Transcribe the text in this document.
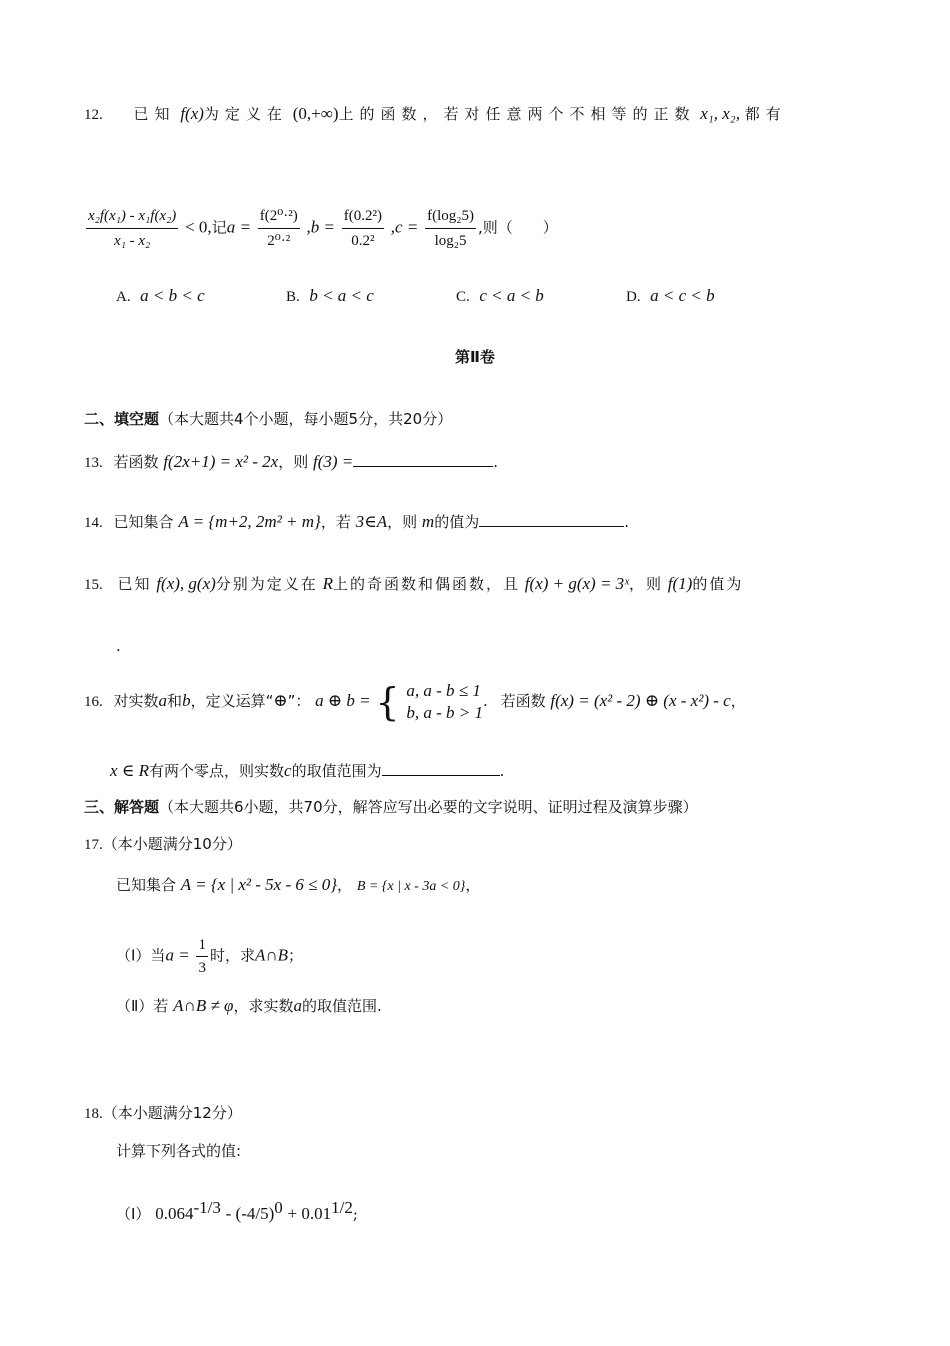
12. 已知 f(x)为定义在 (0,+∞)上的函数，若对任意两个不相等的正数 x₁, x₂, 都有
$\frac{\text{x₂f(x₁) - x₁f(x₂)}}{\text{x₁ - x₂}} < 0$,记$a = \frac{\text{f(2⁰·²)}}{\text{2⁰·²}} ,b = \frac{\text{f(0.2²)}}{\text{0.2²}} ,c = \frac{\text{f(log₂5)}}{\text{log₂5}}$ ,则（　　）
A. a < b < c	B. b < a < c	C. c < a < b	D. a < c < b
第Ⅱ卷
二、填空题（本大题共4个小题，每小题5分，共20分）
13. 若函数 f(2x+1) = x² - 2x，则 f(3) =	.
14. 已知集合 A = {m+2, 2m² + m}，若 3∈A，则 m的值为	.
15. 已知 f(x), g(x)分别为定义在 R上的奇函数和偶函数，且 f(x) + g(x) = 3ˣ，则 f(1)的值为
.
16. 对实数a和b，定义运算“⊕”： a ⊕ b = { a, a - b ≤ 1
b, a - b > 1
. 若函数 f(x) = (x² - 2) ⊕ (x - x²) - c，
x ∈ R有两个零点，则实数c的取值范围为	.
三、解答题（本大题共6小题，共70分，解答应写出必要的文字说明、证明过程及演算步骤）
17.（本小题满分10分）
已知集合 A = {x | x² - 5x - 6 ≤ 0}， B = {x | x - 3a < 0}，
（Ⅰ）当$a = \frac{1}{3}$ 时，求A∩B；
（Ⅱ）若 A∩B ≠ φ，求实数a的取值范围.
18.（本小题满分12分）
计算下列各式的值:
（Ⅰ） $0.064^{-1/3} - (-4/5)^0 + 0.01^{1/2}$;
